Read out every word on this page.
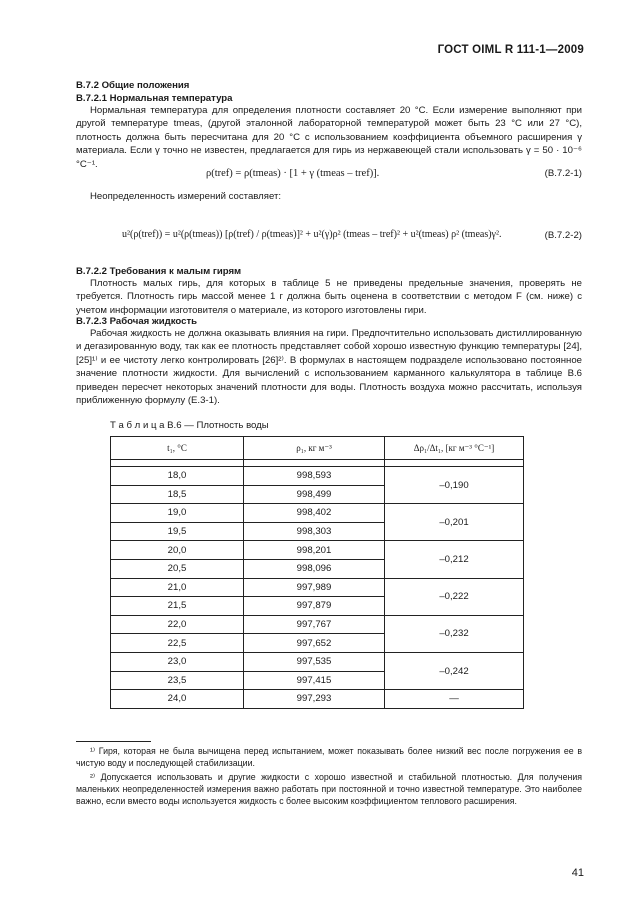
ГОСТ OIML R 111-1—2009
B.7.2 Общие положения
B.7.2.1 Нормальная температура
Нормальная температура для определения плотности составляет 20 °С. Если измерение выполняют при другой температуре tmeas, (другой эталонной лабораторной температурой может быть 23 °С или 27 °С), плотность должна быть пересчитана для 20 °С с использованием коэффициента объемного расширения γ материала. Если γ точно не известен, предлагается для гирь из нержавеющей стали использовать γ = 50 · 10⁻⁶ °С⁻¹.
ρ(tref) = ρ(tmeas) · [1 + γ (tmeas – tref)].	(B.7.2-1)
Неопределенность измерений составляет:
u²(ρ(tref)) = u²(ρ(tmeas)) [ρ(tref) / ρ(tmeas)]² + u²(γ)ρ² (tmeas – tref)² + u²(tmeas) ρ² (tmeas)γ².	(B.7.2-2)
B.7.2.2 Требования к малым гирям
Плотность малых гирь, для которых в таблице 5 не приведены предельные значения, проверять не требуется. Плотность гирь массой менее 1 г должна быть оценена в соответствии с методом F (см. ниже) с учетом информации изготовителя о материале, из которого изготовлены гири.
B.7.2.3 Рабочая жидкость
Рабочая жидкость не должна оказывать влияния на гири. Предпочтительно использовать дистиллированную и дегазированную воду, так как ее плотность представляет собой хорошо известную функцию температуры [24], [25]¹⁾ и ее чистоту легко контролировать [26]²⁾. В формулах в настоящем подразделе использовано постоянное значение плотности жидкости. Для вычислений с использованием карманного калькулятора в таблице B.6 приведен пересчет некоторых значений плотности для воды. Плотность воздуха можно рассчитать, используя приближенную формулу (E.3-1).
Т а б л и ц а B.6 — Плотность воды
t₁, °С	ρ₁, кг м⁻³	Δρ₁/Δt₁, [кг м⁻³ °С⁻¹]

18,0	998,593	–0,190
18,5	998,499	
19,0	998,402	–0,201
19,5	998,303	
20,0	998,201	–0,212
20,5	998,096	
21,0	997,989	–0,222
21,5	997,879	
22,0	997,767	–0,232
22,5	997,652	
23,0	997,535	–0,242
23,5	997,415	
24,0	997,293	—
¹⁾ Гиря, которая не была вычищена перед испытанием, может показывать более низкий вес после погружения ее в чистую воду и последующей стабилизации.
²⁾ Допускается использовать и другие жидкости с хорошо известной и стабильной плотностью. Для получения маленьких неопределенностей измерения важно работать при постоянной и точно известной температуре. Это наиболее важно, если вместо воды используется жидкость с более высоким коэффициентом теплового расширения.
41
